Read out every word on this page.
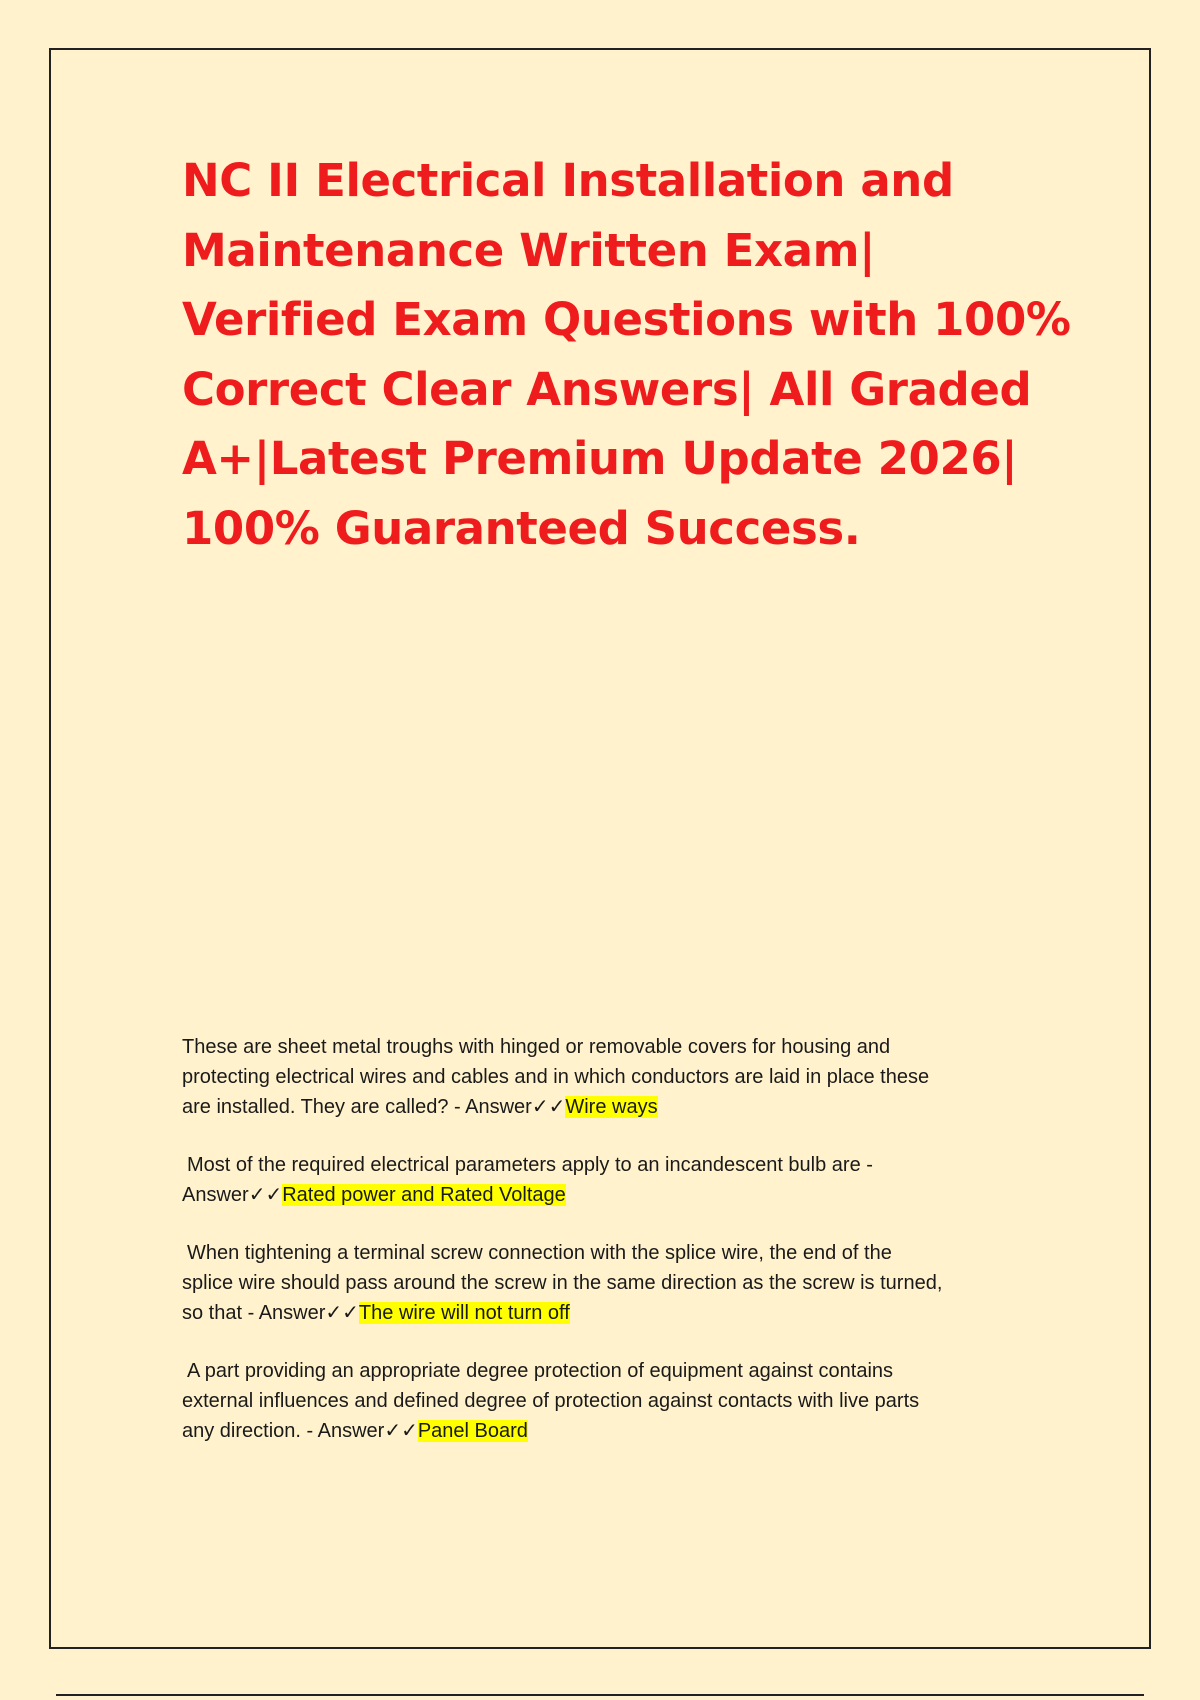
NC II Electrical Installation and
Maintenance Written Exam|
Verified Exam Questions with 100%
Correct Clear Answers| All Graded
A+|Latest Premium Update 2026|
100% Guaranteed Success.
These are sheet metal troughs with hinged or removable covers for housing and
protecting electrical wires and cables and in which conductors are laid in place these
are installed. They are called? - Answer✓✓Wire ways
Most of the required electrical parameters apply to an incandescent bulb are -
Answer✓✓Rated power and Rated Voltage
When tightening a terminal screw connection with the splice wire, the end of the
splice wire should pass around the screw in the same direction as the screw is turned,
so that - Answer✓✓The wire will not turn off
A part providing an appropriate degree protection of equipment against contains
external influences and defined degree of protection against contacts with live parts
any direction. - Answer✓✓Panel Board
